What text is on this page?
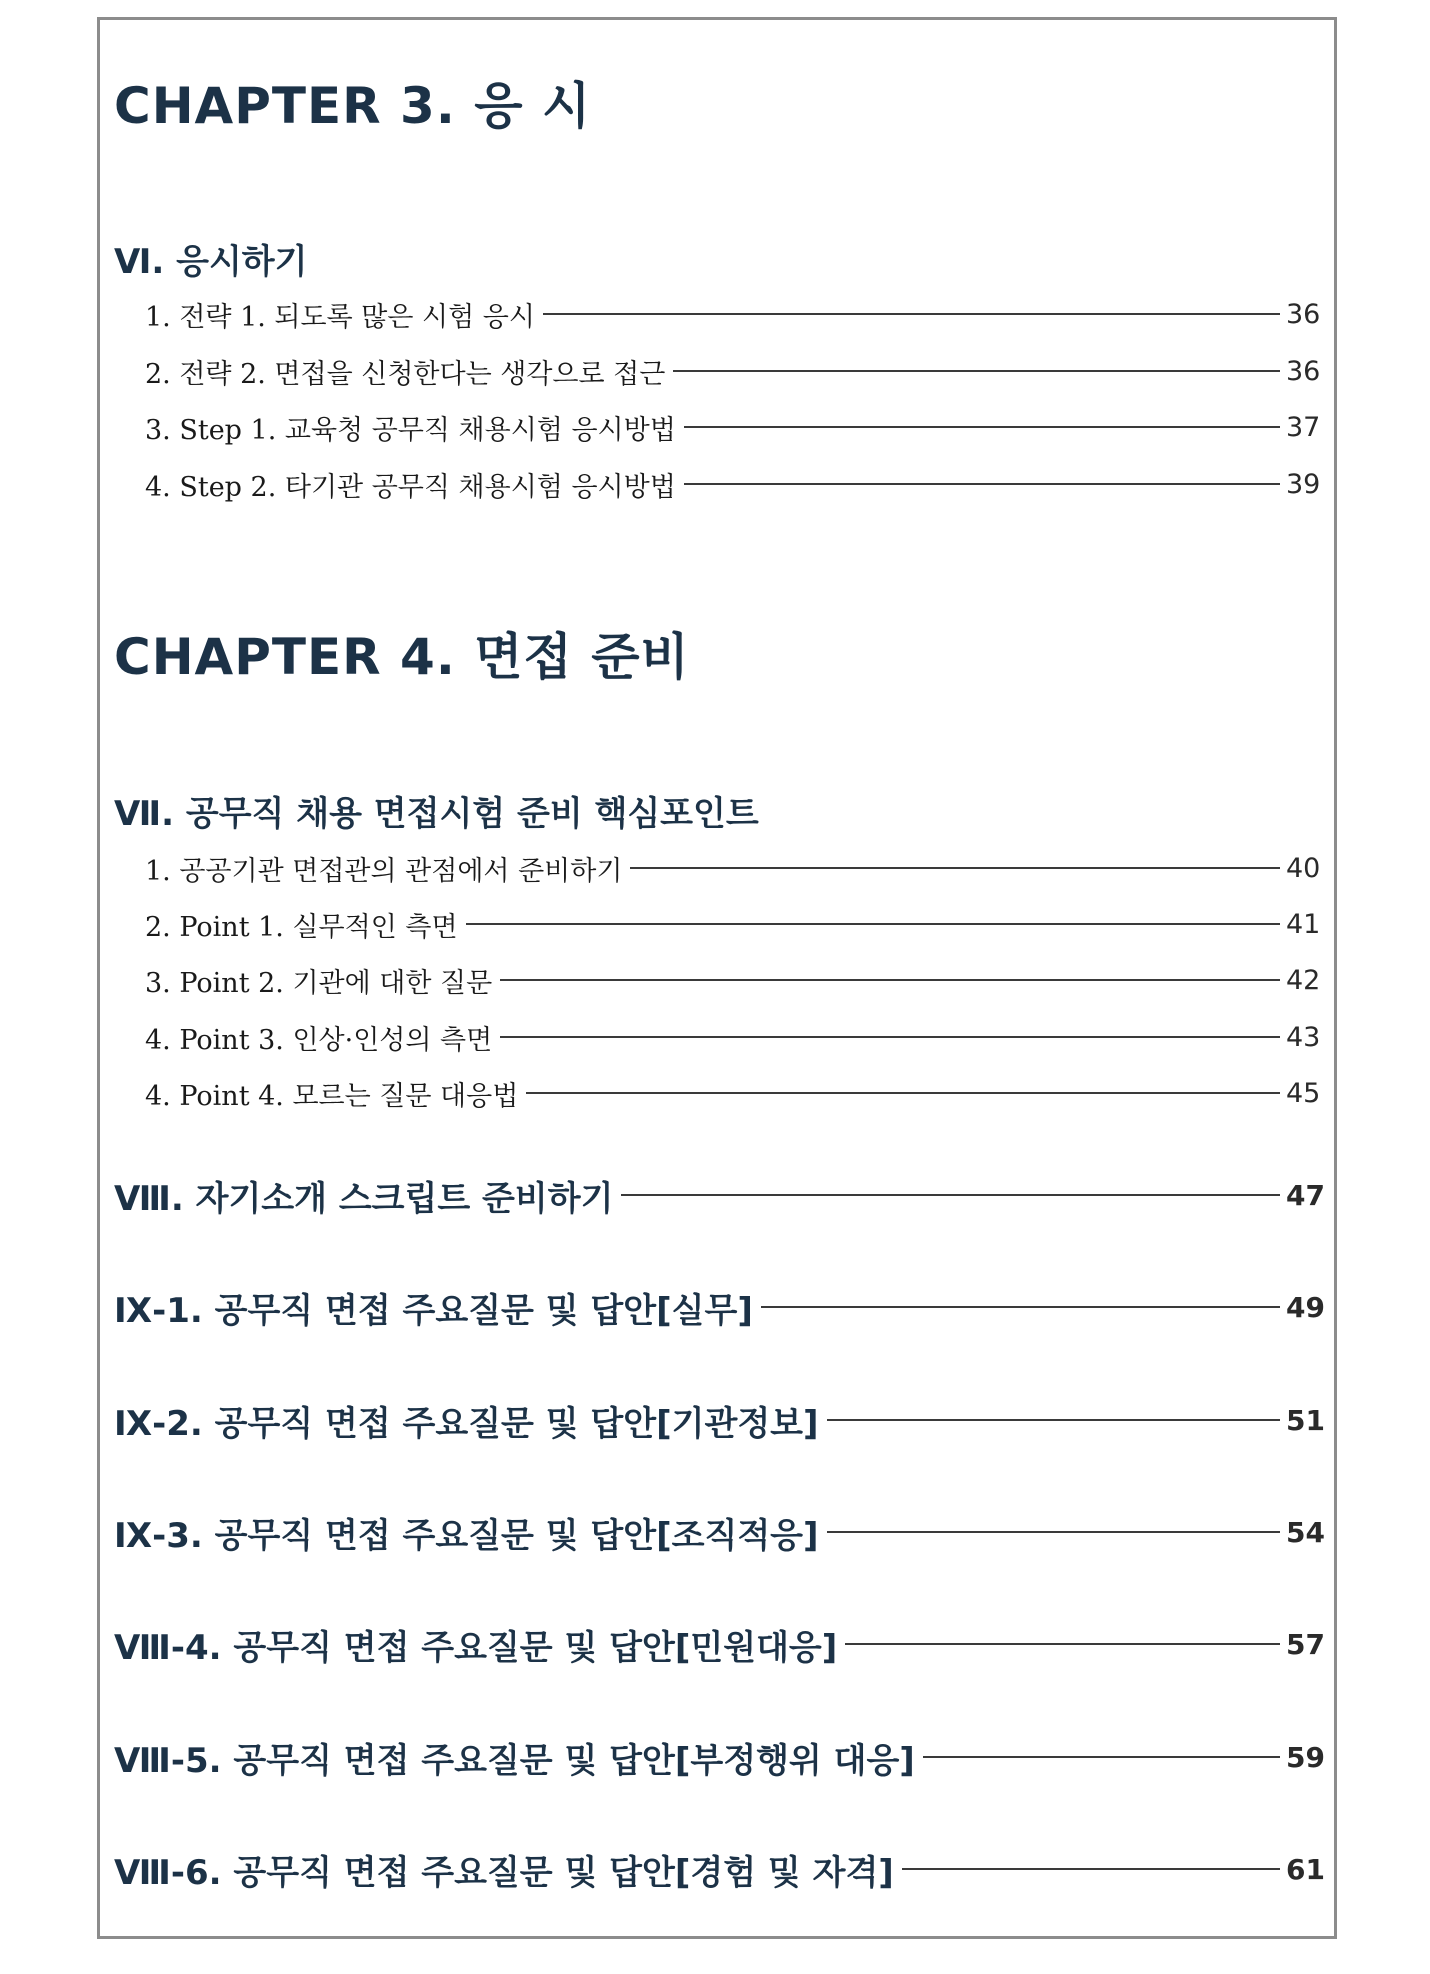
CHAPTER 3. 응 시
Ⅵ. 응시하기
1. 전략 1. 되도록 많은 시험 응시	36
2. 전략 2. 면접을 신청한다는 생각으로 접근	36
3. Step 1. 교육청 공무직 채용시험 응시방법	37
4. Step 2. 타기관 공무직 채용시험 응시방법	39
CHAPTER 4. 면접 준비
Ⅶ. 공무직 채용 면접시험 준비 핵심포인트
1. 공공기관 면접관의 관점에서 준비하기	40
2. Point 1. 실무적인 측면	41
3. Point 2. 기관에 대한 질문	42
4. Point 3. 인상·인성의 측면	43
4. Point 4. 모르는 질문 대응법	45
Ⅷ. 자기소개 스크립트 준비하기	47
Ⅸ-1. 공무직 면접 주요질문 및 답안[실무]	49
Ⅸ-2. 공무직 면접 주요질문 및 답안[기관정보]	51
Ⅸ-3. 공무직 면접 주요질문 및 답안[조직적응]	54
Ⅷ-4. 공무직 면접 주요질문 및 답안[민원대응]	57
Ⅷ-5. 공무직 면접 주요질문 및 답안[부정행위 대응]	59
Ⅷ-6. 공무직 면접 주요질문 및 답안[경험 및 자격]	61
